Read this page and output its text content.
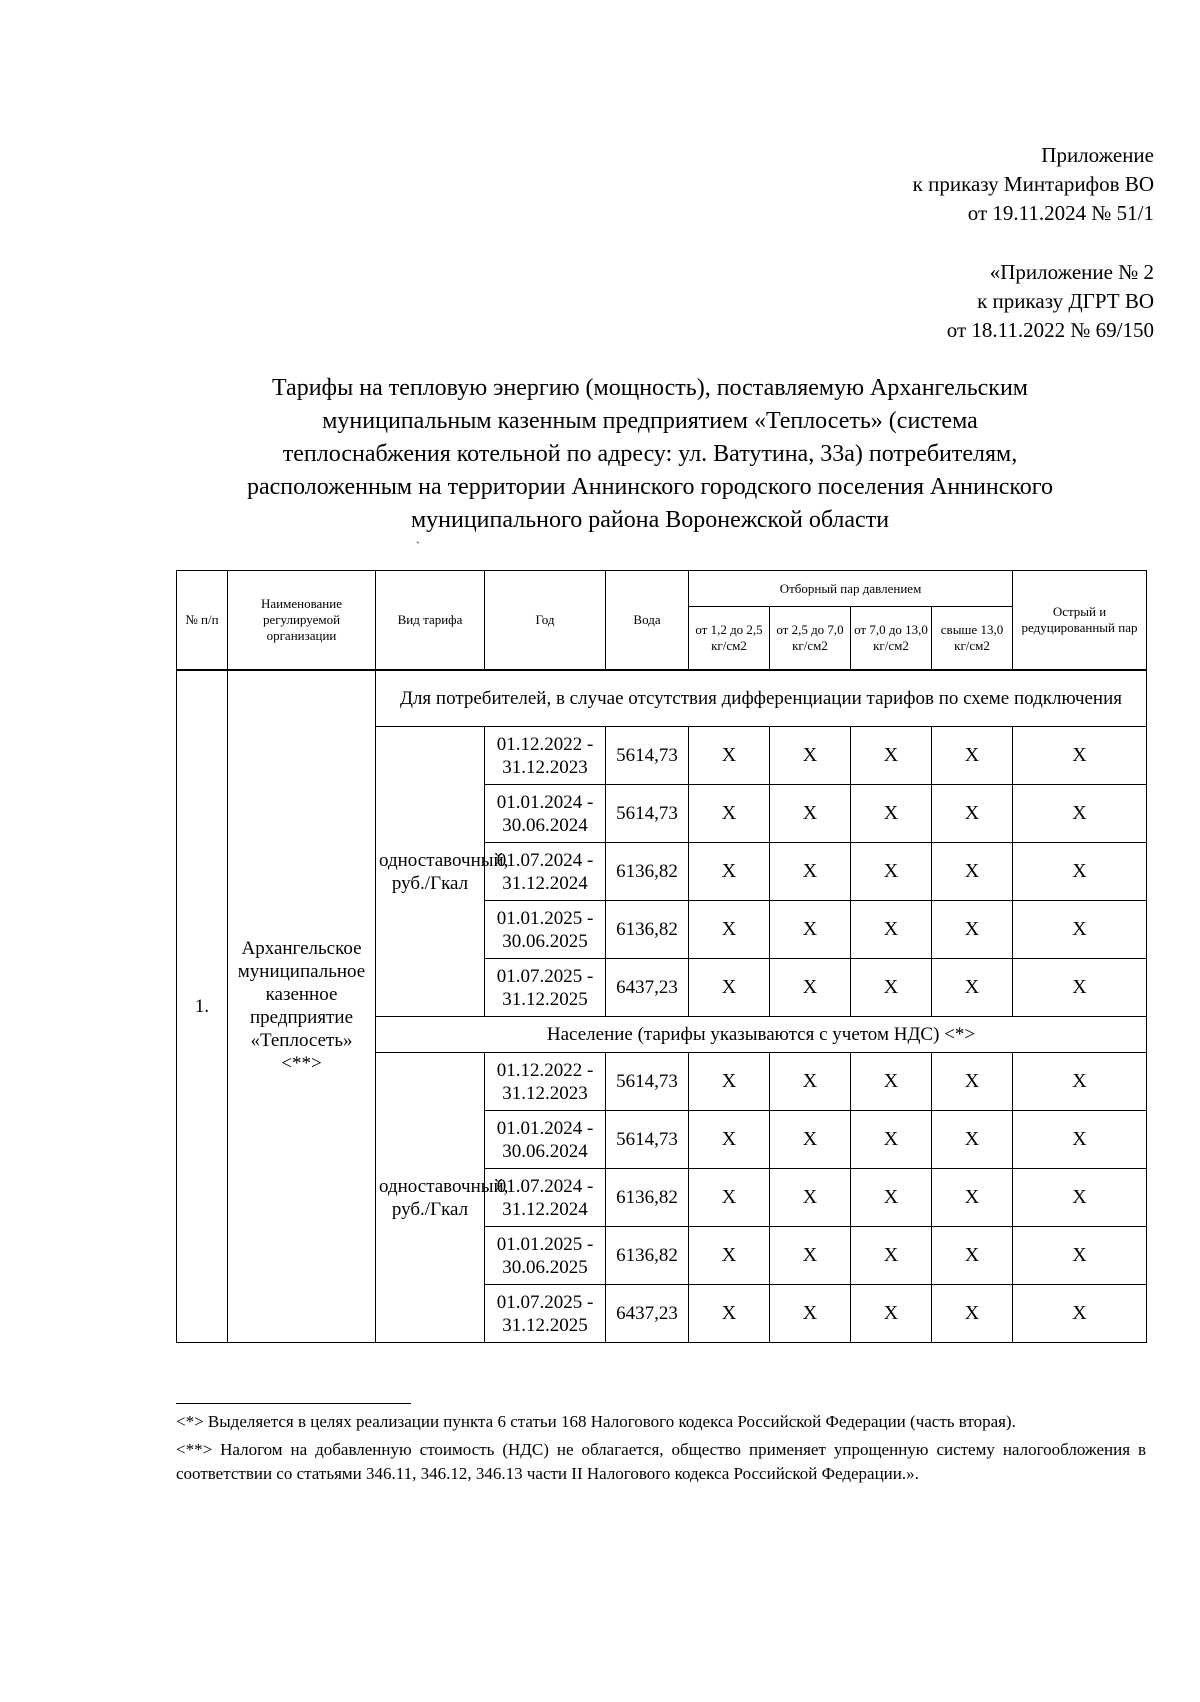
Приложение
к приказу Минтарифов ВО
от 19.11.2024 № 51/1
«Приложение № 2
к приказу ДГРТ ВО
от 18.11.2022 № 69/150
Тарифы на тепловую энергию (мощность), поставляемую Архангельским
муниципальным казенным предприятием «Теплосеть» (система
теплоснабжения котельной по адресу: ул. Ватутина, 33а) потребителям,
расположенным на территории Аннинского городского поселения Аннинского
муниципального района Воронежской области
`
№ п/п	Наименование регулируемой организации	Вид тарифа	Год	Вода	Отборный пар давлением				Острый и редуцированный пар
					от 1,2 до 2,5 кг/см2	от 2,5 до 7,0 кг/см2	от 7,0 до 13,0 кг/см2	свыше 13,0 кг/см2	
1.	Архангельское муниципальное казенное предприятие «Теплосеть» <**>	Для потребителей, в случае отсутствия дифференциации тарифов по схеме подключения							
		одноставочный, руб./Гкал	01.12.2022 - 31.12.2023	5614,73	X	X	X	X	X
			01.01.2024 - 30.06.2024	5614,73	X	X	X	X	X
			01.07.2024 - 31.12.2024	6136,82	X	X	X	X	X
			01.01.2025 - 30.06.2025	6136,82	X	X	X	X	X
			01.07.2025 - 31.12.2025	6437,23	X	X	X	X	X
		Население (тарифы указываются с учетом НДС) <*>							
		одноставочный, руб./Гкал	01.12.2022 - 31.12.2023	5614,73	X	X	X	X	X
			01.01.2024 - 30.06.2024	5614,73	X	X	X	X	X
			01.07.2024 - 31.12.2024	6136,82	X	X	X	X	X
			01.01.2025 - 30.06.2025	6136,82	X	X	X	X	X
			01.07.2025 - 31.12.2025	6437,23	X	X	X	X	X

<*> Выделяется в целях реализации пункта 6 статьи 168 Налогового кодекса Российской Федерации (часть вторая).

<**> Налогом на добавленную стоимость (НДС) не облагается, общество применяет упрощенную систему налогообложения в соответствии со статьями 346.11, 346.12, 346.13 части II Налогового кодекса Российской Федерации.».
